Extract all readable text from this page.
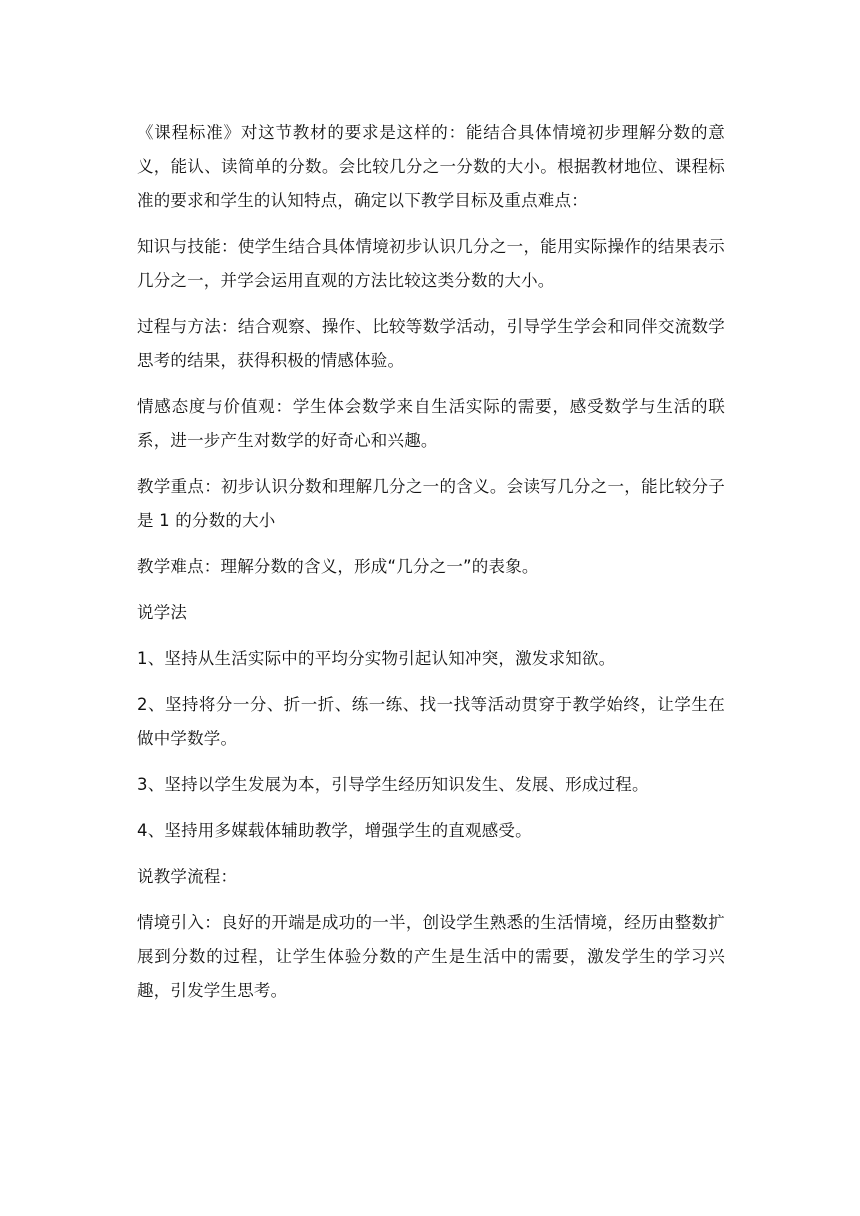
《课程标准》对这节教材的要求是这样的：能结合具体情境初步理解分数的意义，能认、读简单的分数。会比较几分之一分数的大小。根据教材地位、课程标准的要求和学生的认知特点，确定以下教学目标及重点难点：

知识与技能：使学生结合具体情境初步认识几分之一，能用实际操作的结果表示几分之一，并学会运用直观的方法比较这类分数的大小。

过程与方法：结合观察、操作、比较等数学活动，引导学生学会和同伴交流数学思考的结果，获得积极的情感体验。

情感态度与价值观：学生体会数学来自生活实际的需要，感受数学与生活的联系，进一步产生对数学的好奇心和兴趣。

教学重点：初步认识分数和理解几分之一的含义。会读写几分之一，能比较分子是 1 的分数的大小

教学难点：理解分数的含义，形成“几分之一”的表象。

说学法

1、坚持从生活实际中的平均分实物引起认知冲突，激发求知欲。

2、坚持将分一分、折一折、练一练、找一找等活动贯穿于教学始终，让学生在做中学数学。

3、坚持以学生发展为本，引导学生经历知识发生、发展、形成过程。

4、坚持用多媒载体辅助教学，增强学生的直观感受。

说教学流程：

情境引入：良好的开端是成功的一半，创设学生熟悉的生活情境，经历由整数扩展到分数的过程，让学生体验分数的产生是生活中的需要，激发学生的学习兴趣，引发学生思考。
